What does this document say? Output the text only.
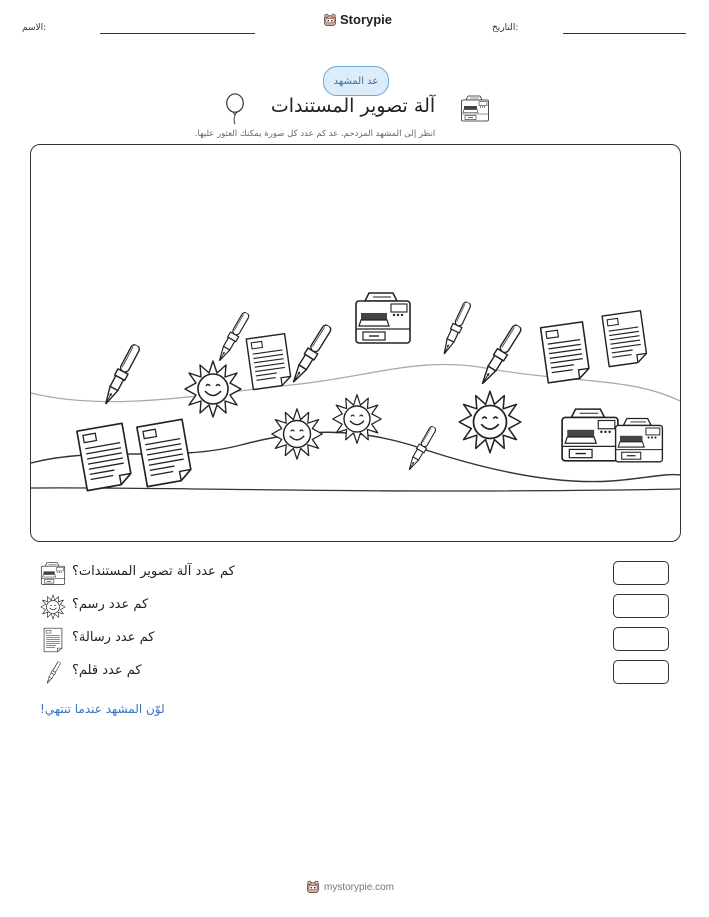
الاسم:
Storypie
التاريخ:
عد المشهد
آلة تصوير المستندات
انظر إلى المشهد المزدحم. عد كم عدد كل صورة يمكنك العثور عليها.
كم عدد آلة تصوير المستندات؟
كم عدد رسم؟
كم عدد رسالة؟
كم عدد قلم؟
لوّن المشهد عندما تنتهي!
mystorypie.com
